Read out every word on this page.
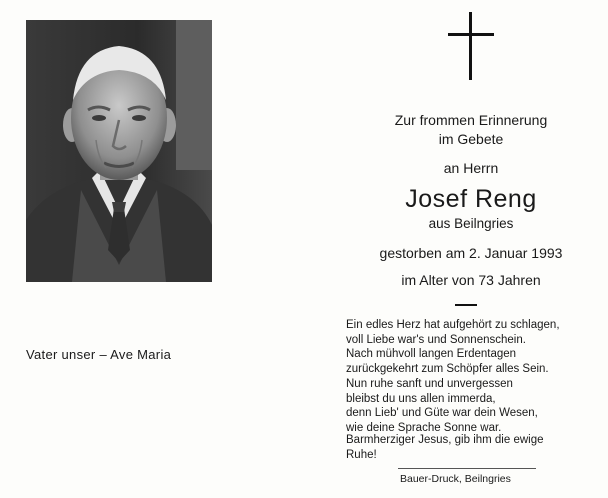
Vater unser – Ave Maria
Zur frommen Erinnerung
im Gebete
an Herrn
Josef Reng
aus Beilngries
gestorben am 2. Januar 1993
im Alter von 73 Jahren
Ein edles Herz hat aufgehört zu schlagen,
voll Liebe war's und Sonnenschein.
Nach mühvoll langen Erdentagen
zurückgekehrt zum Schöpfer alles Sein.
Nun ruhe sanft und unvergessen
bleibst du uns allen immerda,
denn Lieb' und Güte war dein Wesen,
wie deine Sprache Sonne war.
Barmherziger Jesus, gib ihm die ewige
Ruhe!
Bauer-Druck, Beilngries
